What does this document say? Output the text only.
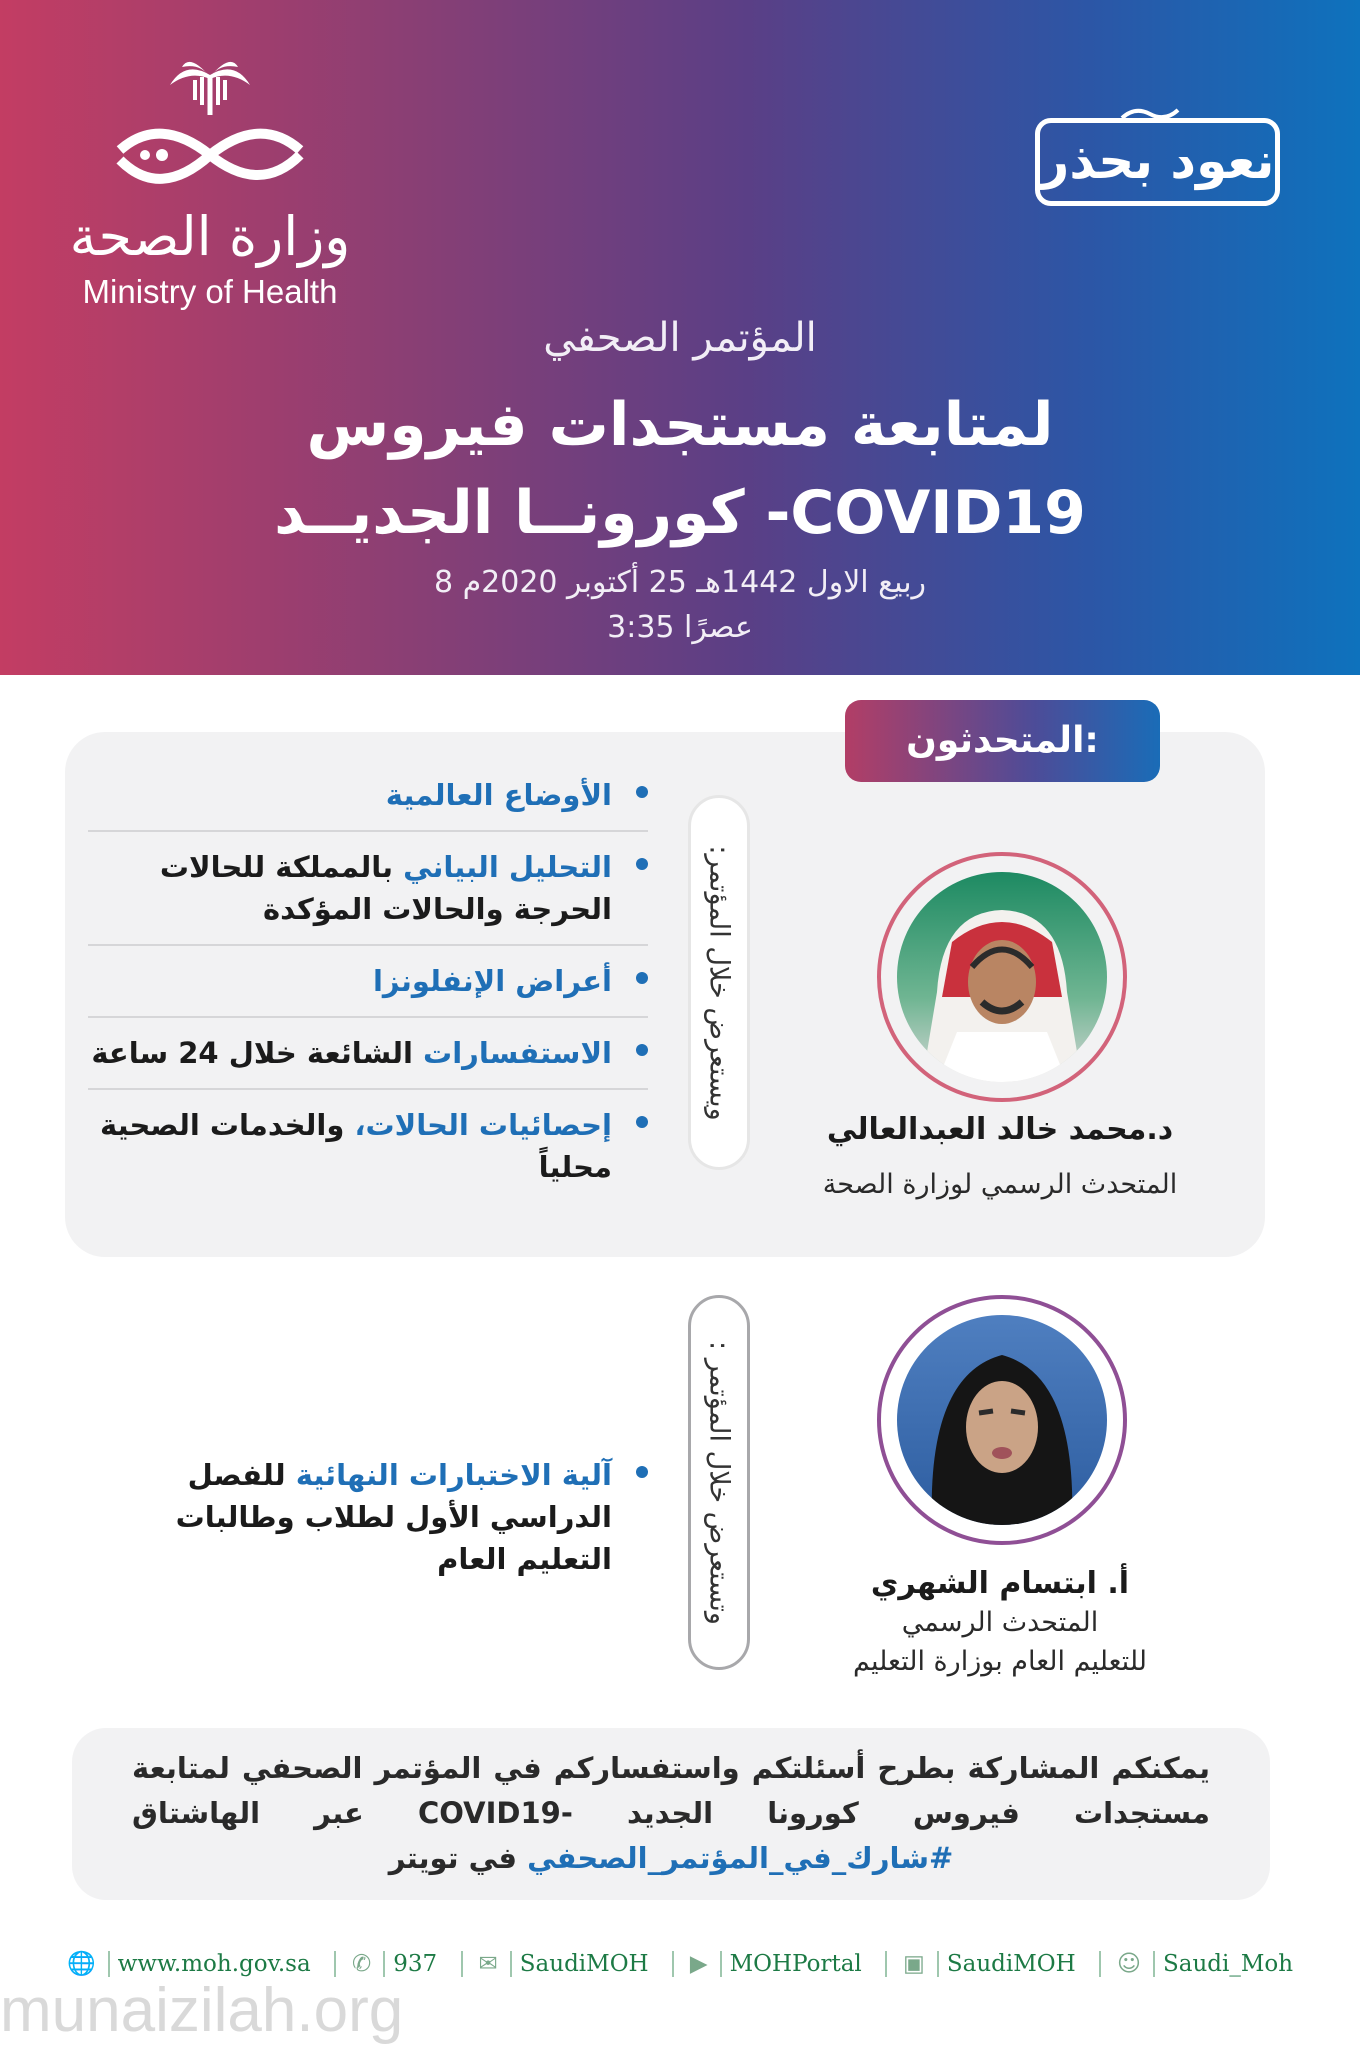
وزارة الصحة
Ministry of Health
نعود بحذر
المؤتمر الصحفي
لمتابعة مستجدات فيروس
كورونــا الجديــد -COVID19
8 ربيع الاول 1442هـ 25 أكتوبر 2020م
3:35 عصرًا
المتحدثون:
الأوضاع العالمية
التحليل البياني بالمملكة للحالات الحرجة والحالات المؤكدة
أعراض الإنفلونزا
الاستفسارات الشائعة خلال 24 ساعة
إحصائيات الحالات، والخدمات الصحية محلياً
ويستعرض خلال المؤتمر:
د.محمد خالد العبدالعالي
المتحدث الرسمي لوزارة الصحة
آلية الاختبارات النهائية للفصل الدراسي الأول لطلاب وطالبات التعليم العام	وتستعرض خلال المؤتمر :	أ. ابتسام الشهري
المتحدث الرسمي
للتعليم العام بوزارة التعليم
يمكنكم المشاركة بطرح أسئلتكم واستفساركم في المؤتمر الصحفي لمتابعة مستجدات فيروس كورونا الجديد -COVID19 عبر الهاشتاق #شارك_في_المؤتمر_الصحفي في تويتر
🌐 www.moh.gov.sa ✆ 937 ✉ SaudiMOH ▶ MOHPortal ▣ SaudiMOH ☺ Saudi_Moh
munaizilah.org
